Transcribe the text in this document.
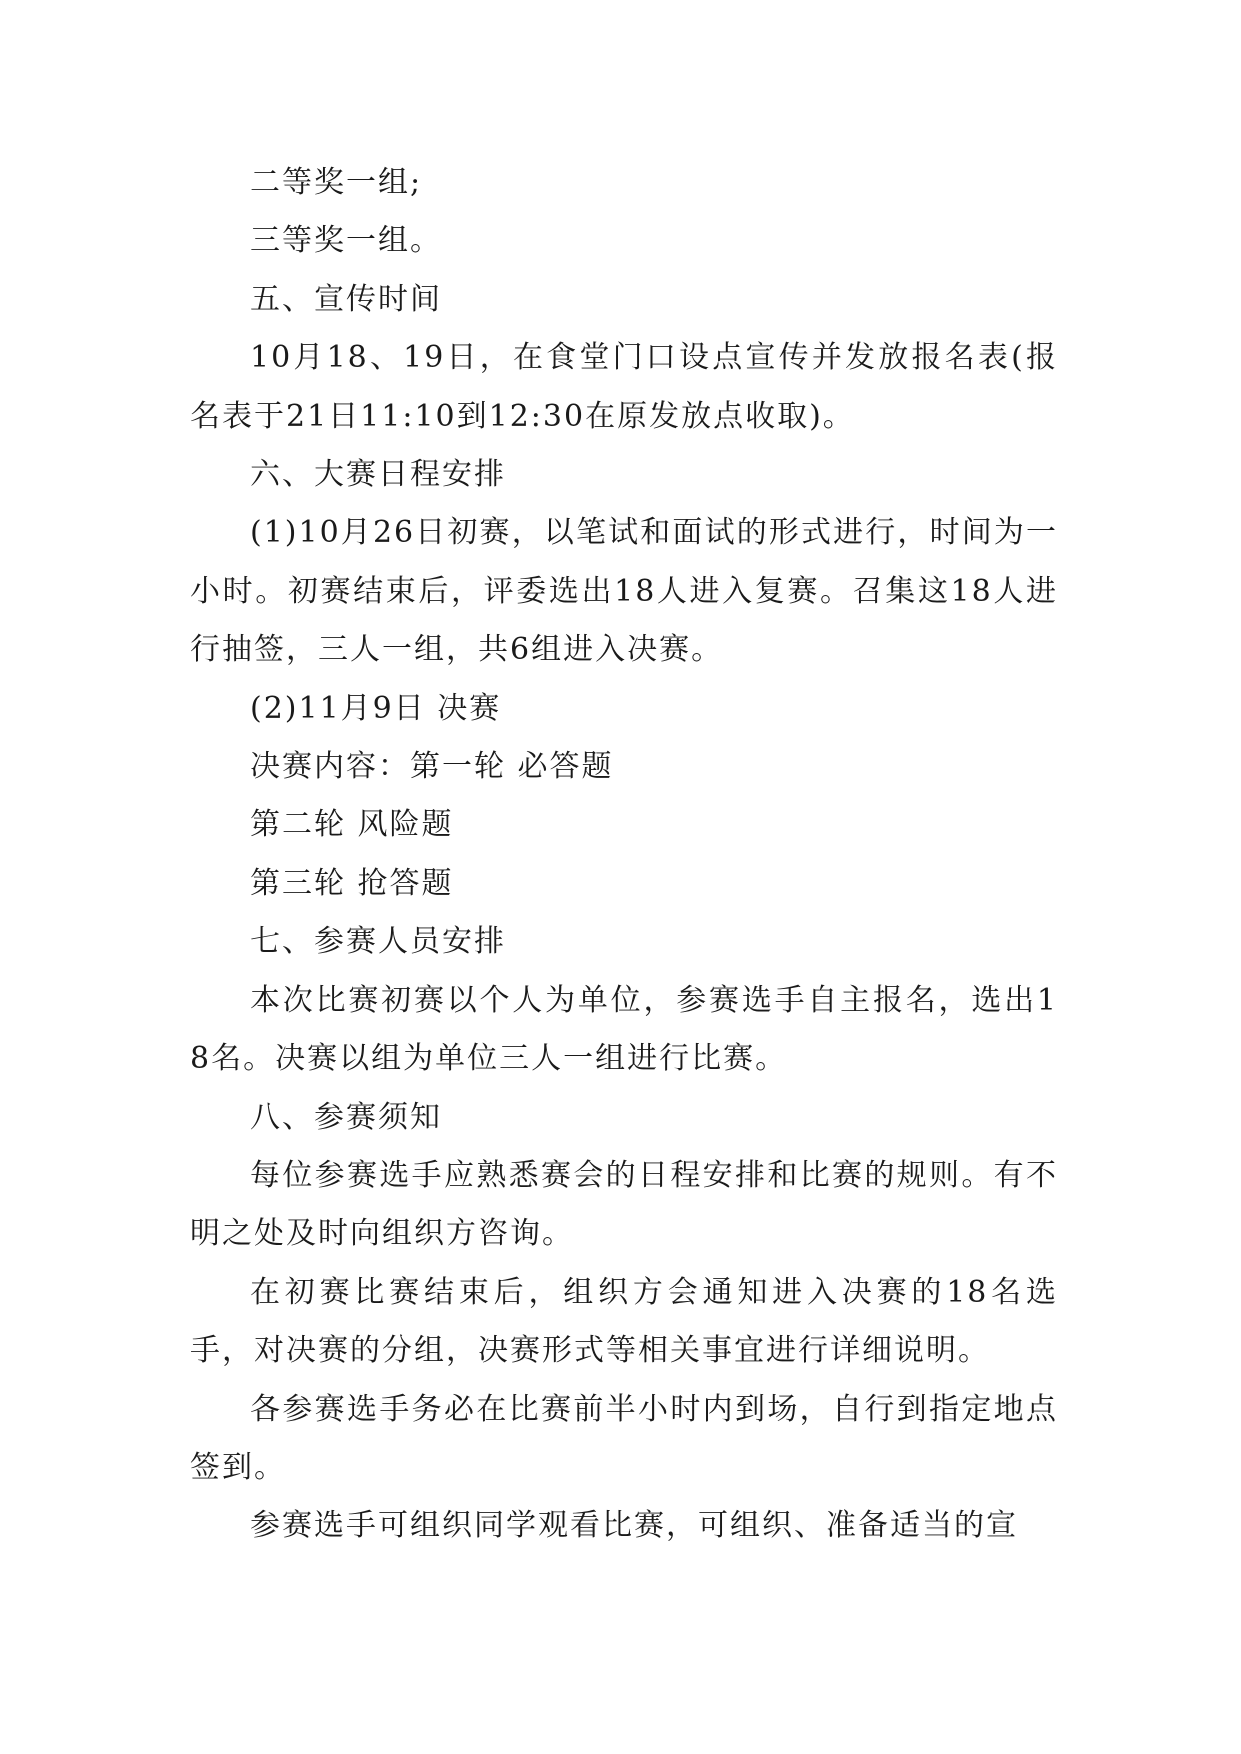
二等奖一组;

三等奖一组。

五、宣传时间

10月18、19日，在食堂门口设点宣传并发放报名表(报名表于21日11:10到12:30在原发放点收取)。

六、大赛日程安排

(1)10月26日初赛，以笔试和面试的形式进行，时间为一小时。初赛结束后，评委选出18人进入复赛。召集这18人进行抽签，三人一组，共6组进入决赛。

(2)11月9日 决赛

决赛内容：第一轮 必答题

第二轮 风险题

第三轮 抢答题

七、参赛人员安排

本次比赛初赛以个人为单位，参赛选手自主报名，选出18名。决赛以组为单位三人一组进行比赛。

八、参赛须知

每位参赛选手应熟悉赛会的日程安排和比赛的规则。有不明之处及时向组织方咨询。

在初赛比赛结束后，组织方会通知进入决赛的18名选手，对决赛的分组，决赛形式等相关事宜进行详细说明。

各参赛选手务必在比赛前半小时内到场，自行到指定地点签到。

参赛选手可组织同学观看比赛，可组织、准备适当的宣
